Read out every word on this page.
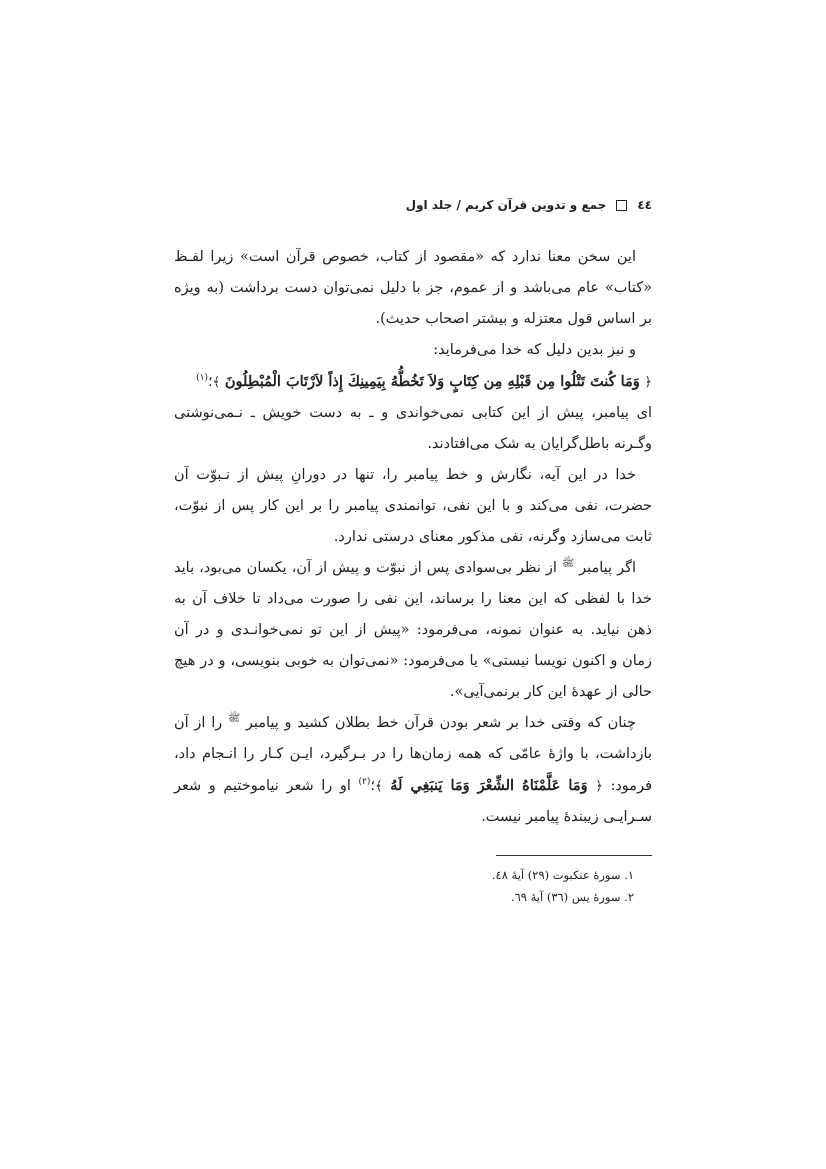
٤٤
جمع و تدوین قرآن کریم / جلد اول

این سخن معنا ندارد که «مقصود از کتاب، خصوص قرآن است» زیرا لفـظ «کتاب» عام می‌باشد و از عموم، جز با دلیل نمی‌توان دست برداشت (به ویژه بر اساس قول معتزله و بیشتر اصحاب حدیث).

و نیز بدین دلیل که خدا می‌فرماید:

﴿ وَمَا كُنتَ تَتْلُوا مِن قَبْلِهِ مِن كِتَابٍ وَلاَ تَخُطُّهُ بِيَمِينِكَ إِذاً لاَرْتَابَ الْمُبْطِلُونَ ﴾؛$^{(١)}$

ای پیامبر، پیش از این کتابی نمی‌خواندی و ـ به دست خویش ـ نـمی‌نوشتی وگـرنه باطل‌گرایان به شک می‌افتادند.

خدا در این آیه، نگارش و خط پیامبر را، تنها در دورانِ پیش از نـبوّت آن حضرت، نفی می‌کند و با این نفی، توانمندی پیامبر را بر این کار پس از نبوّت، ثابت می‌سازد وگرنه، نفی مذکور معنای درستی ندارد.

اگر پیامبر $^ﷺ$ از نظر بی‌سوادی پس از نبوّت و پیش از آن، یکسان می‌بود، باید خدا با لفظی که این معنا را برساند، این نفی را صورت می‌داد تا خلاف آن به ذهن نیاید. به عنوان نمونه، می‌فرمود: «پیش از این تو نمی‌خوانـدی و در آن زمان و اکنون نویسا نیستی» یا می‌فرمود: «نمی‌توان به خوبی بنویسی، و در هیچ حالی از عهدهٔ این کار برنمی‌آیی».

چنان که وقتی خدا بر شعر بودن قرآن خط بطلان کشید و پیامبر $^ﷺ$ را از آن بازداشت، با واژهٔ عامّی که همه زمان‌ها را در بـرگیرد، ایـن کـار را انـجام داد، فرمود: ﴿ وَمَا عَلَّمْنَاهُ الشِّعْرَ وَمَا يَنبَغِي لَهُ ﴾؛$^{(٢)}$ او را شعر نیاموختیم و شعر سـرایـی زیبندهٔ پیامبر نیست.

١. سورهٔ عنکبوت (٢٩) آیهٔ ٤٨.

٢. سورهٔ یس (٣٦) آیهٔ ٦٩.
